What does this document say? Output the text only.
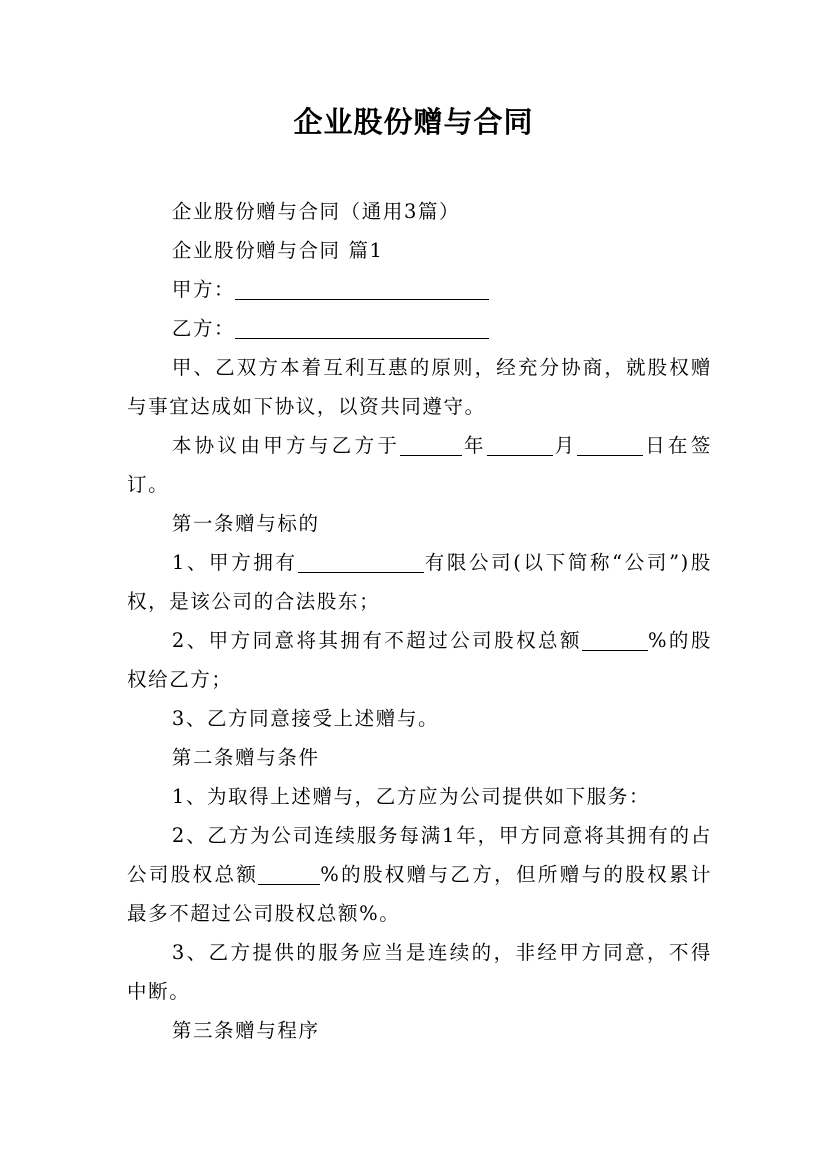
企业股份赠与合同

企业股份赠与合同（通用3篇）

企业股份赠与合同 篇1

甲方：

乙方：

甲、乙双方本着互利互惠的原则，经充分协商，就股权赠与事宜达成如下协议，以资共同遵守。

本协议由甲方与乙方于	年	月	日在签订。

第一条赠与标的

1、甲方拥有	有限公司(以下简称“公司”)股权，是该公司的合法股东；

2、甲方同意将其拥有不超过公司股权总额	%的股权给乙方；

3、乙方同意接受上述赠与。

第二条赠与条件

1、为取得上述赠与，乙方应为公司提供如下服务：

2、乙方为公司连续服务每满1年，甲方同意将其拥有的占公司股权总额	%的股权赠与乙方，但所赠与的股权累计最多不超过公司股权总额%。

3、乙方提供的服务应当是连续的，非经甲方同意，不得中断。

第三条赠与程序
